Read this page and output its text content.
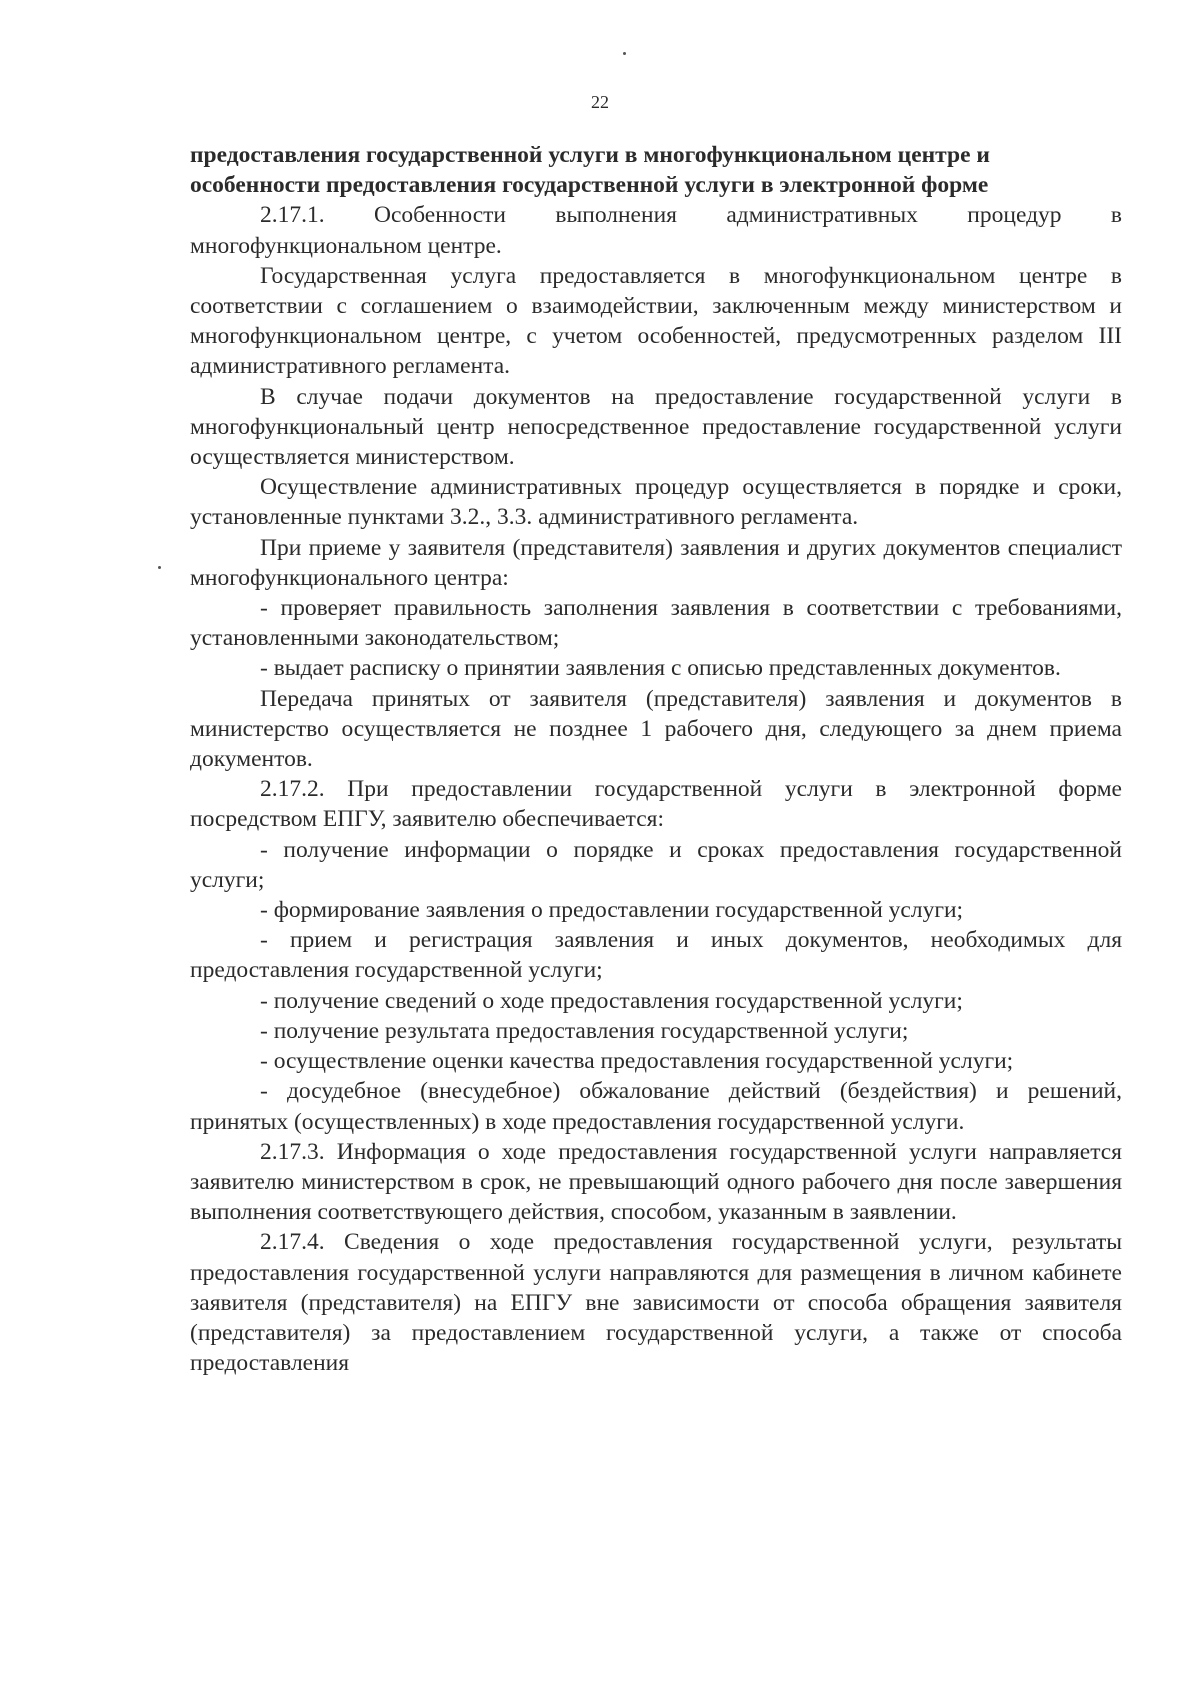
22
предоставления государственной услуги в многофункциональном центре и
особенности предоставления государственной услуги в электронной форме

2.17.1. Особенности выполнения административных процедур в многофункциональном центре.

Государственная услуга предоставляется в многофункциональном центре в соответствии с соглашением о взаимодействии, заключенным между министерством и многофункциональном центре, с учетом особенностей, предусмотренных разделом III административного регламента.

В случае подачи документов на предоставление государственной услуги в многофункциональный центр непосредственное предоставление государственной услуги осуществляется министерством.

Осуществление административных процедур осуществляется в порядке и сроки, установленные пунктами 3.2., 3.3. административного регламента.

При приеме у заявителя (представителя) заявления и других документов специалист многофункционального центра:

- проверяет правильность заполнения заявления в соответствии с требованиями, установленными законодательством;

- выдает расписку о принятии заявления с описью представленных документов.

Передача принятых от заявителя (представителя) заявления и документов в министерство осуществляется не позднее 1 рабочего дня, следующего за днем приема документов.

2.17.2. При предоставлении государственной услуги в электронной форме посредством ЕПГУ, заявителю обеспечивается:

- получение информации о порядке и сроках предоставления государственной услуги;

- формирование заявления о предоставлении государственной услуги;

- прием и регистрация заявления и иных документов, необходимых для предоставления государственной услуги;

- получение сведений о ходе предоставления государственной услуги;

- получение результата предоставления государственной услуги;

- осуществление оценки качества предоставления государственной услуги;

- досудебное (внесудебное) обжалование действий (бездействия) и решений, принятых (осуществленных) в ходе предоставления государственной услуги.

2.17.3. Информация о ходе предоставления государственной услуги направляется заявителю министерством в срок, не превышающий одного рабочего дня после завершения выполнения соответствующего действия, способом, указанным в заявлении.

2.17.4. Сведения о ходе предоставления государственной услуги, результаты предоставления государственной услуги направляются для размещения в личном кабинете заявителя (представителя) на ЕПГУ вне зависимости от способа обращения заявителя (представителя) за предоставлением государственной услуги, а также от способа предоставления
